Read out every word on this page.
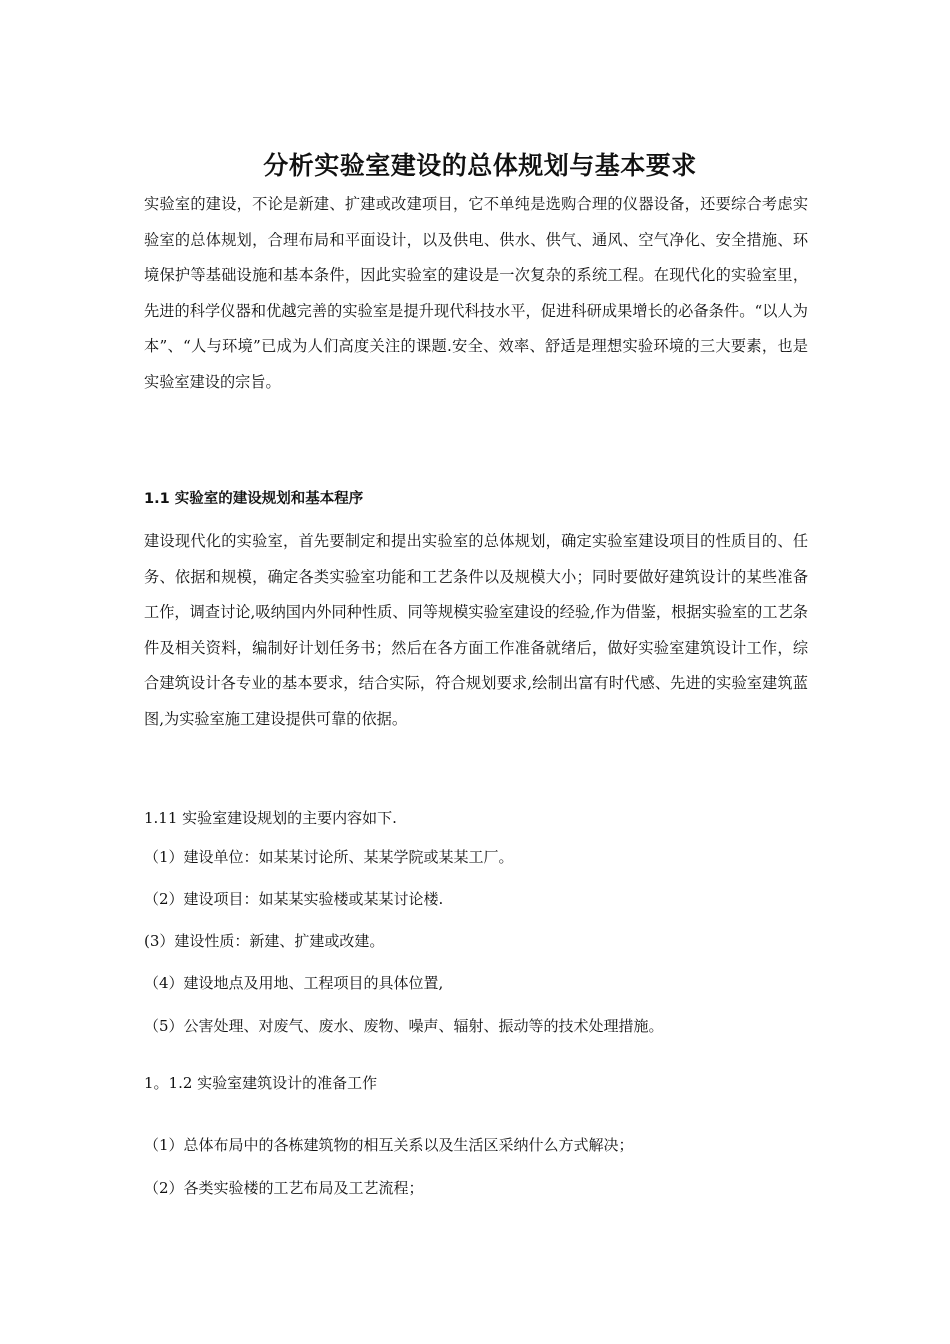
分析实验室建设的总体规划与基本要求

实验室的建设，不论是新建、扩建或改建项目，它不单纯是选购合理的仪器设备，还要综合考虑实验室的总体规划，合理布局和平面设计，以及供电、供水、供气、通风、空气净化、安全措施、环境保护等基础设施和基本条件，因此实验室的建设是一次复杂的系统工程。在现代化的实验室里，先进的科学仪器和优越完善的实验室是提升现代科技水平，促进科研成果增长的必备条件。“以人为本”、“人与环境”已成为人们高度关注的课题.安全、效率、舒适是理想实验环境的三大要素，也是实验室建设的宗旨。

1.1 实验室的建设规划和基本程序

建设现代化的实验室，首先要制定和提出实验室的总体规划，确定实验室建设项目的性质目的、任务、依据和规模，确定各类实验室功能和工艺条件以及规模大小；同时要做好建筑设计的某些准备工作，调查讨论,吸纳国内外同种性质、同等规模实验室建设的经验,作为借鉴，根据实验室的工艺条件及相关资料，编制好计划任务书；然后在各方面工作准备就绪后，做好实验室建筑设计工作，综合建筑设计各专业的基本要求，结合实际，符合规划要求,绘制出富有时代感、先进的实验室建筑蓝图,为实验室施工建设提供可靠的依据。

1.11 实验室建设规划的主要内容如下.

（1）建设单位：如某某讨论所、某某学院或某某工厂。

（2）建设项目：如某某实验楼或某某讨论楼.

(3）建设性质：新建、扩建或改建。

（4）建设地点及用地、工程项目的具体位置,

（5）公害处理、对废气、废水、废物、噪声、辐射、振动等的技术处理措施。

1。1.2 实验室建筑设计的准备工作

（1）总体布局中的各栋建筑物的相互关系以及生活区采纳什么方式解决；

（2）各类实验楼的工艺布局及工艺流程；
